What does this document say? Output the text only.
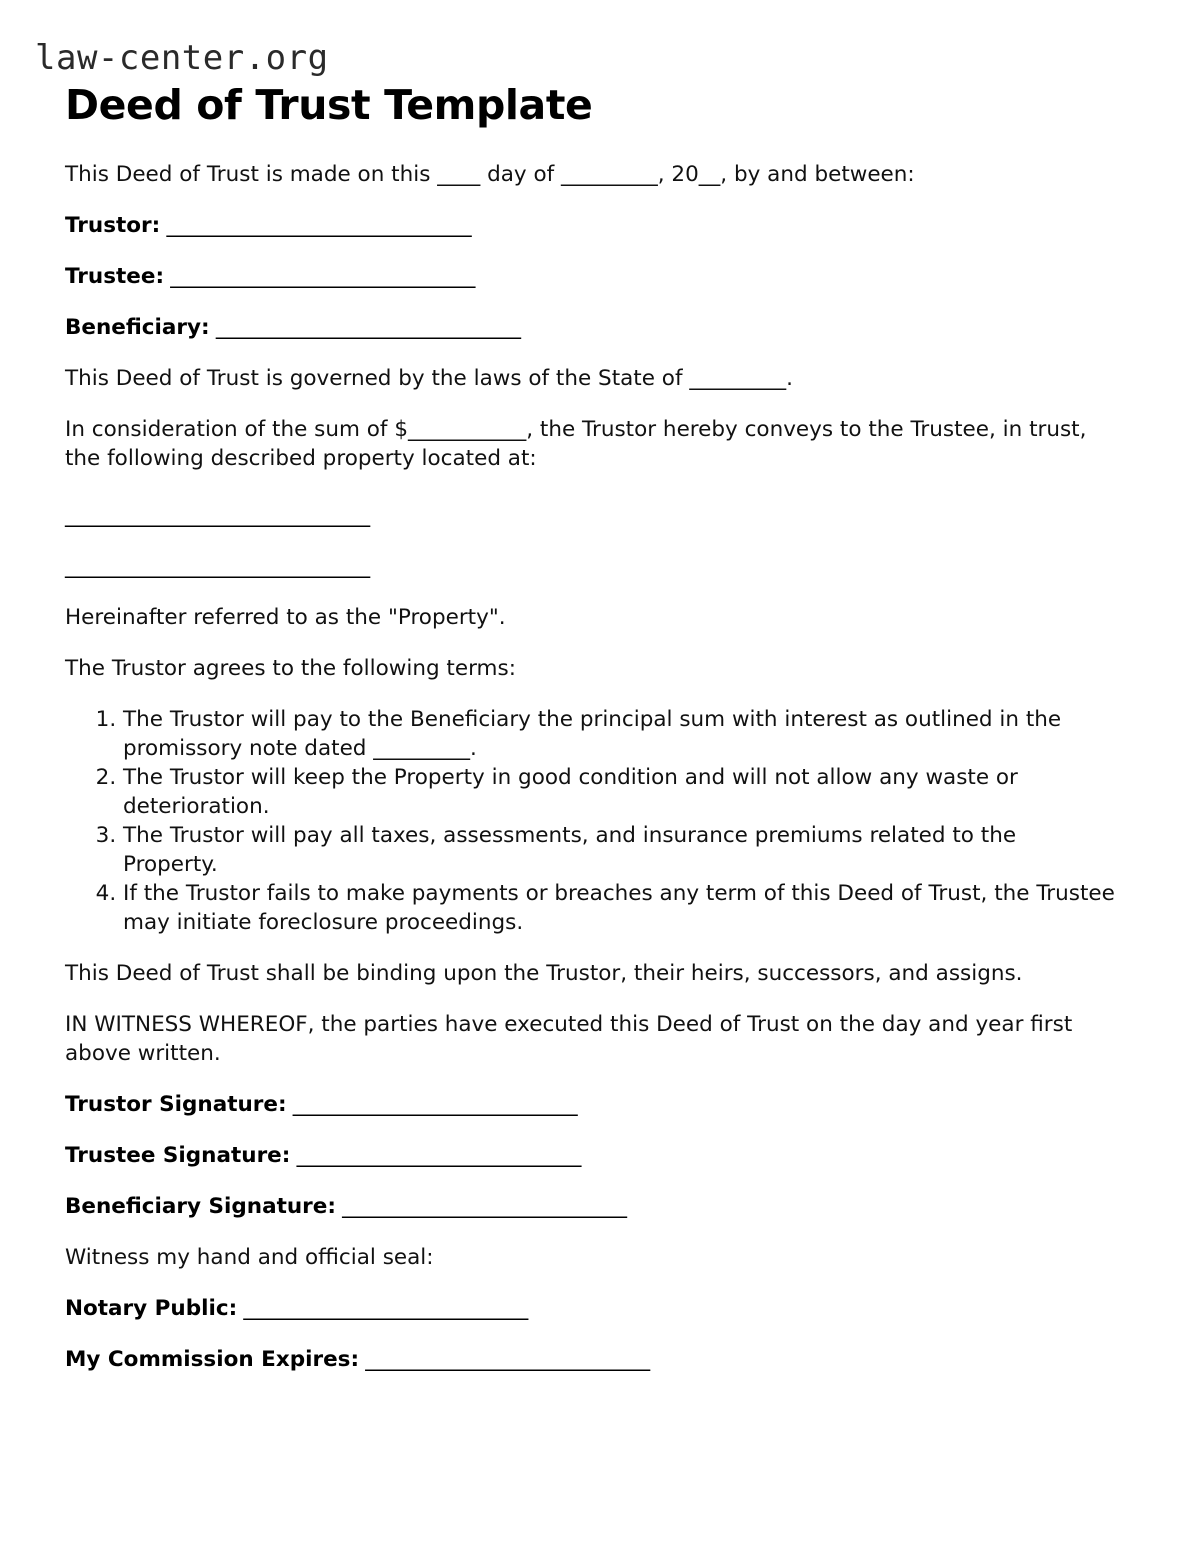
law-center.org
Deed of Trust Template

This Deed of Trust is made on this ____ day of _________, 20__, by and between:

Trustor: ______________________________

Trustee: ______________________________

Beneficiary: ______________________________

This Deed of Trust is governed by the laws of the State of _________.

In consideration of the sum of $___________, the Trustor hereby conveys to the Trustee, in trust, the following described property located at:

______________________________

______________________________

Hereinafter referred to as the "Property".

The Trustor agrees to the following terms:

1. The Trustor will pay to the Beneficiary the principal sum with interest as outlined in the promissory note dated _________.
2. The Trustor will keep the Property in good condition and will not allow any waste or deterioration.
3. The Trustor will pay all taxes, assessments, and insurance premiums related to the Property.
4. If the Trustor fails to make payments or breaches any term of this Deed of Trust, the Trustee may initiate foreclosure proceedings.

This Deed of Trust shall be binding upon the Trustor, their heirs, successors, and assigns.

IN WITNESS WHEREOF, the parties have executed this Deed of Trust on the day and year first above written.

Trustor Signature: ____________________________

Trustee Signature: ____________________________

Beneficiary Signature: ____________________________

Witness my hand and official seal:

Notary Public: ____________________________

My Commission Expires: ____________________________
